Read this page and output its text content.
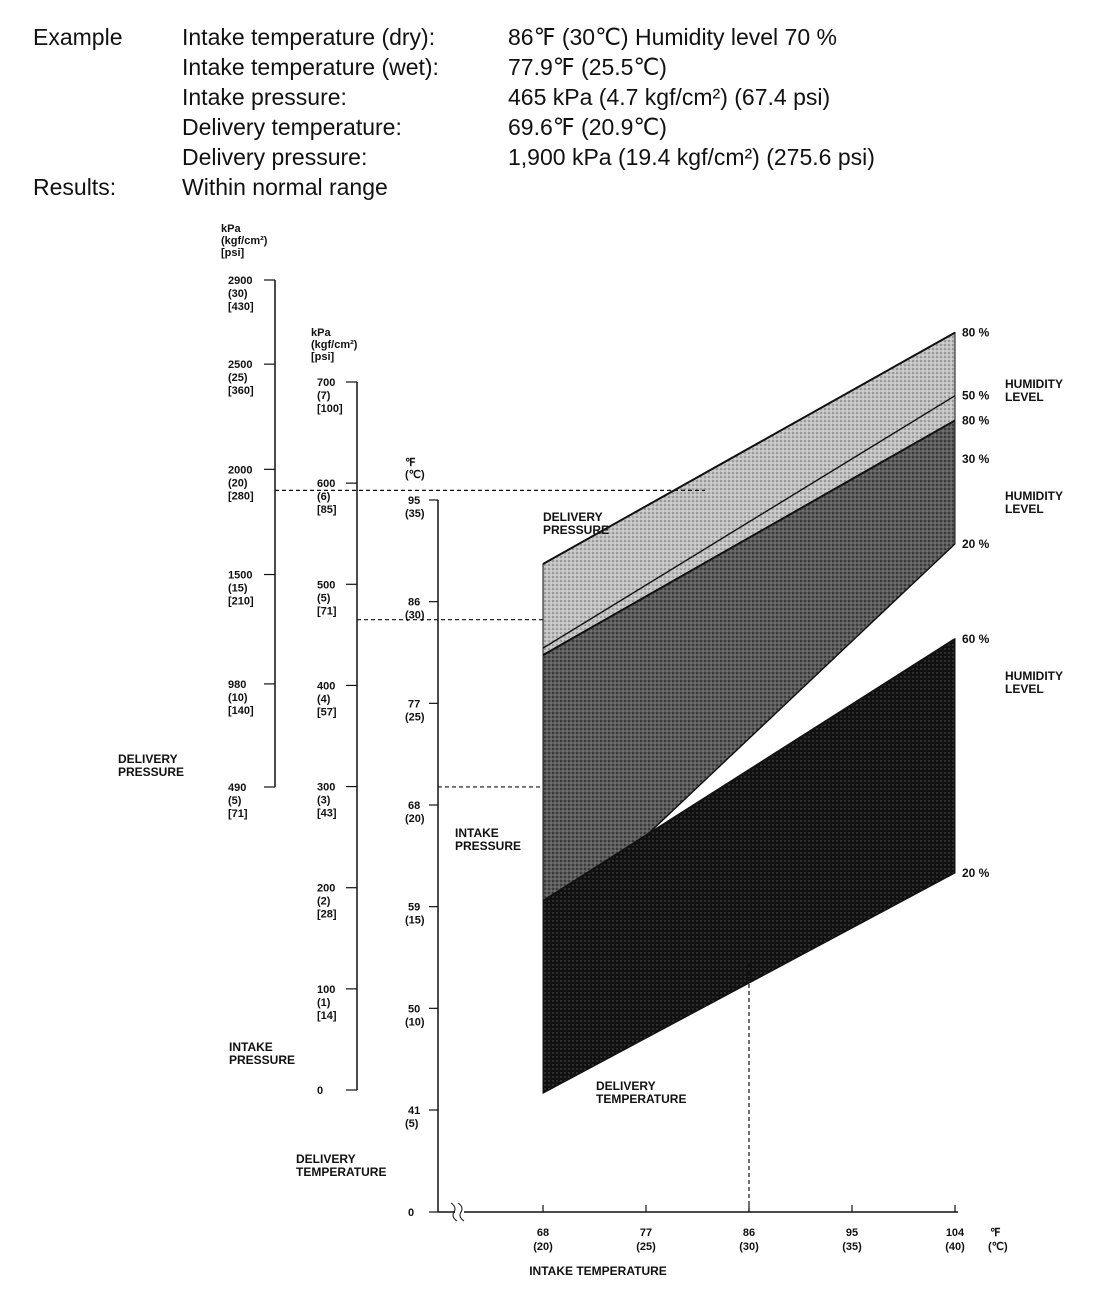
Example	Intake temperature (dry):	86℉ (30℃) Humidity level 70 %
Intake temperature (wet):	77.9℉ (25.5℃)
Intake pressure:	465 kPa (4.7 kgf/cm²) (67.4 psi)
Delivery temperature:	69.6℉ (20.9℃)
Delivery pressure:	1,900 kPa (19.4 kgf/cm²) (275.6 psi)
Results:	Within normal range
80 %
50 %
30 %
DELIVERY
PRESSURE
HUMIDITY
LEVEL
80 %
20 %
INTAKE
PRESSURE
HUMIDITY
LEVEL
60 %
20 %
DELIVERY
TEMPERATURE
HUMIDITY
LEVEL
kPa
(kgf/cm²)
[psi]
490
(5)
[71]
980
(10)
[140]
1500
(15)
[210]
2000
(20)
[280]
2500
(25)
[360]
2900
(30)
[430]
DELIVERY
PRESSURE
kPa
(kgf/cm²)
[psi]
0
100
(1)
[14]
200
(2)
[28]
300
(3)
[43]
400
(4)
[57]
500
(5)
[71]
600
(6)
[85]
700
(7)
[100]
INTAKE
PRESSURE
℉
(℃)
0
41
(5)
50
(10)
59
(15)
68
(20)
77
(25)
86
(30)
95
(35)
DELIVERY
TEMPERATURE
68
(20)
77
(25)
86
(30)
95
(35)
104
(40)
℉
(℃)
INTAKE TEMPERATURE
